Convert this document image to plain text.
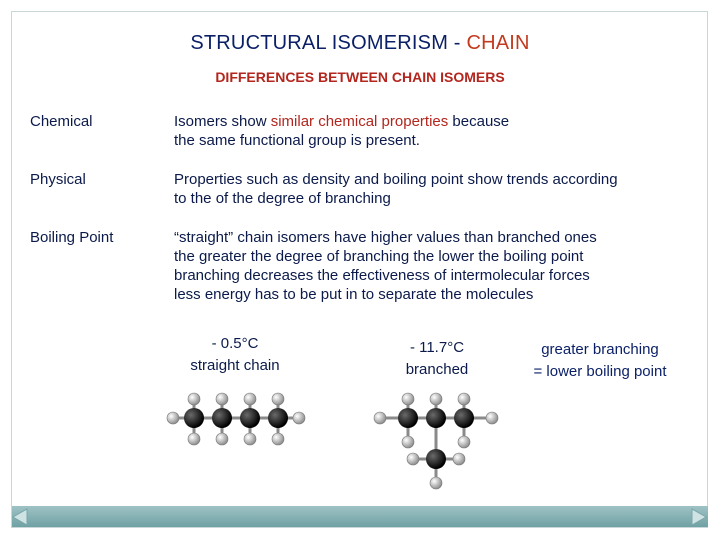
STRUCTURAL ISOMERISM - CHAIN
DIFFERENCES BETWEEN CHAIN ISOMERS
Chemical	Isomers show similar chemical properties because
the same functional group is present.
Physical	Properties such as density and boiling point show trends according
to the of the degree of branching
Boiling Point	“straight” chain isomers have higher values than branched ones
the greater the degree of branching the lower the boiling point
branching decreases the effectiveness of intermolecular forces
less energy has to be put in to separate the molecules
- 0.5°C
straight chain
- 11.7°C
branched
greater branching
= lower boiling point
